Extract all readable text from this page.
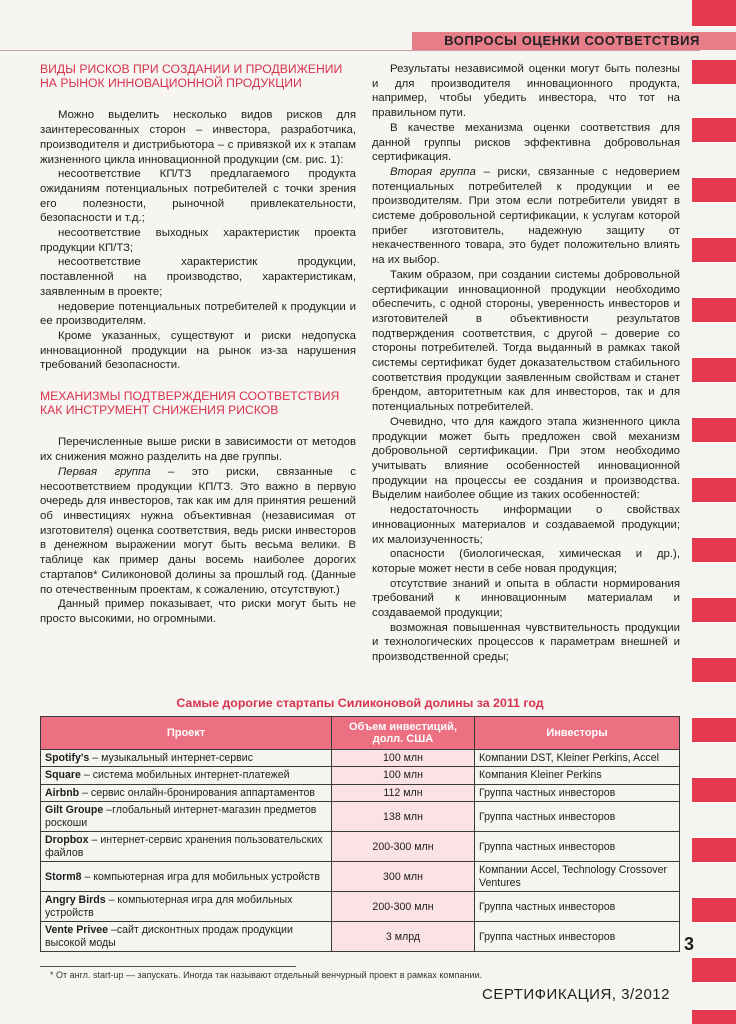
ВОПРОСЫ ОЦЕНКИ СООТВЕТСТВИЯ
ВИДЫ РИСКОВ ПРИ СОЗДАНИИ И ПРОДВИЖЕНИИ НА РЫНОК ИННОВАЦИОННОЙ ПРОДУКЦИИ

Можно выделить несколько видов рисков для заинтересованных сторон – инвестора, разработчика, производителя и дистрибьютора – с привязкой их к этапам жизненного цикла инновационной продукции (см. рис. 1):

несоответствие КП/ТЗ предлагаемого продукта ожиданиям потенциальных потребителей с точки зрения его полезности, рыночной привлекательности, безопасности и т.д.;

несоответствие выходных характеристик проекта продукции КП/ТЗ;

несоответствие характеристик продукции, поставленной на производство, характеристикам, заявленным в проекте;

недоверие потенциальных потребителей к продукции и ее производителям.

Кроме указанных, существуют и риски недопуска инновационной продукции на рынок из-за нарушения требований безопасности.

МЕХАНИЗМЫ ПОДТВЕРЖДЕНИЯ СООТВЕТСТВИЯ КАК ИНСТРУМЕНТ СНИЖЕНИЯ РИСКОВ

Перечисленные выше риски в зависимости от методов их снижения можно разделить на две группы.

Первая группа – это риски, связанные с несоответствием продукции КП/ТЗ. Это важно в первую очередь для инвесторов, так как им для принятия решений об инвестициях нужна объективная (независимая от изготовителя) оценка соответствия, ведь риски инвесторов в денежном выражении могут быть весьма велики. В таблице как пример даны восемь наиболее дорогих стартапов* Силиконовой долины за прошлый год. (Данные по отечественным проектам, к сожалению, отсутствуют.)

Данный пример показывает, что риски могут быть не просто высокими, но огромными.

Результаты независимой оценки могут быть полезны и для производителя инновационного продукта, например, чтобы убедить инвестора, что тот на правильном пути.

В качестве механизма оценки соответствия для данной группы рисков эффективна добровольная сертификация.

Вторая группа – риски, связанные с недоверием потенциальных потребителей к продукции и ее производителям. При этом если потребители увидят в системе добровольной сертификации, к услугам которой прибег изготовитель, надежную защиту от некачественного товара, это будет положительно влиять на их выбор.

Таким образом, при создании системы добровольной сертификации инновационной продукции необходимо обеспечить, с одной стороны, уверенность инвесторов и изготовителей в объективности результатов подтверждения соответствия, с другой – доверие со стороны потребителей. Тогда выданный в рамках такой системы сертификат будет доказательством стабильного соответствия продукции заявленным свойствам и станет брендом, авторитетным как для инвесторов, так и для потенциальных потребителей.

Очевидно, что для каждого этапа жизненного цикла продукции может быть предложен свой механизм добровольной сертификации. При этом необходимо учитывать влияние особенностей инновационной продукции на процессы ее создания и производства. Выделим наиболее общие из таких особенностей:

недостаточность информации о свойствах инновационных материалов и создаваемой продукции; их малоизученность;

опасности (биологическая, химическая и др.), которые может нести в себе новая продукция;

отсутствие знаний и опыта в области нормирования требований к инновационным материалам и создаваемой продукции;

возможная повышенная чувствительность продукции и технологических процессов к параметрам внешней и производственной среды;

Самые дорогие стартапы Силиконовой долины за 2011 год
Проект	Объем инвестиций, долл. США	Инвесторы
Spotify's – музыкальный интернет-сервис	100 млн	Компании DST, Kleiner Perkins, Accel
Square – система мобильных интернет-платежей	100 млн	Компания Kleiner Perkins
Airbnb – сервис онлайн-бронирования аппартаментов	112 млн	Группа частных инвесторов
Gilt Groupe –глобальный интернет-магазин предметов роскоши	138 млн	Группа частных инвесторов
Dropbox – интернет-сервис хранения пользовательских файлов	200-300 млн	Группа частных инвесторов
Storm8 – компьютерная игра для мобильных устройств	300 млн	Компании Accel, Technology Crossover Ventures
Angry Birds – компьютерная игра для мобильных устройств	200-300 млн	Группа частных инвесторов
Vente Privee –сайт дисконтных продаж продукции высокой моды	3 млрд	Группа частных инвесторов	3
* От англ. start-up — запускать. Иногда так называют отдельный венчурный проект в рамках компании.
СЕРТИФИКАЦИЯ, 3/2012
